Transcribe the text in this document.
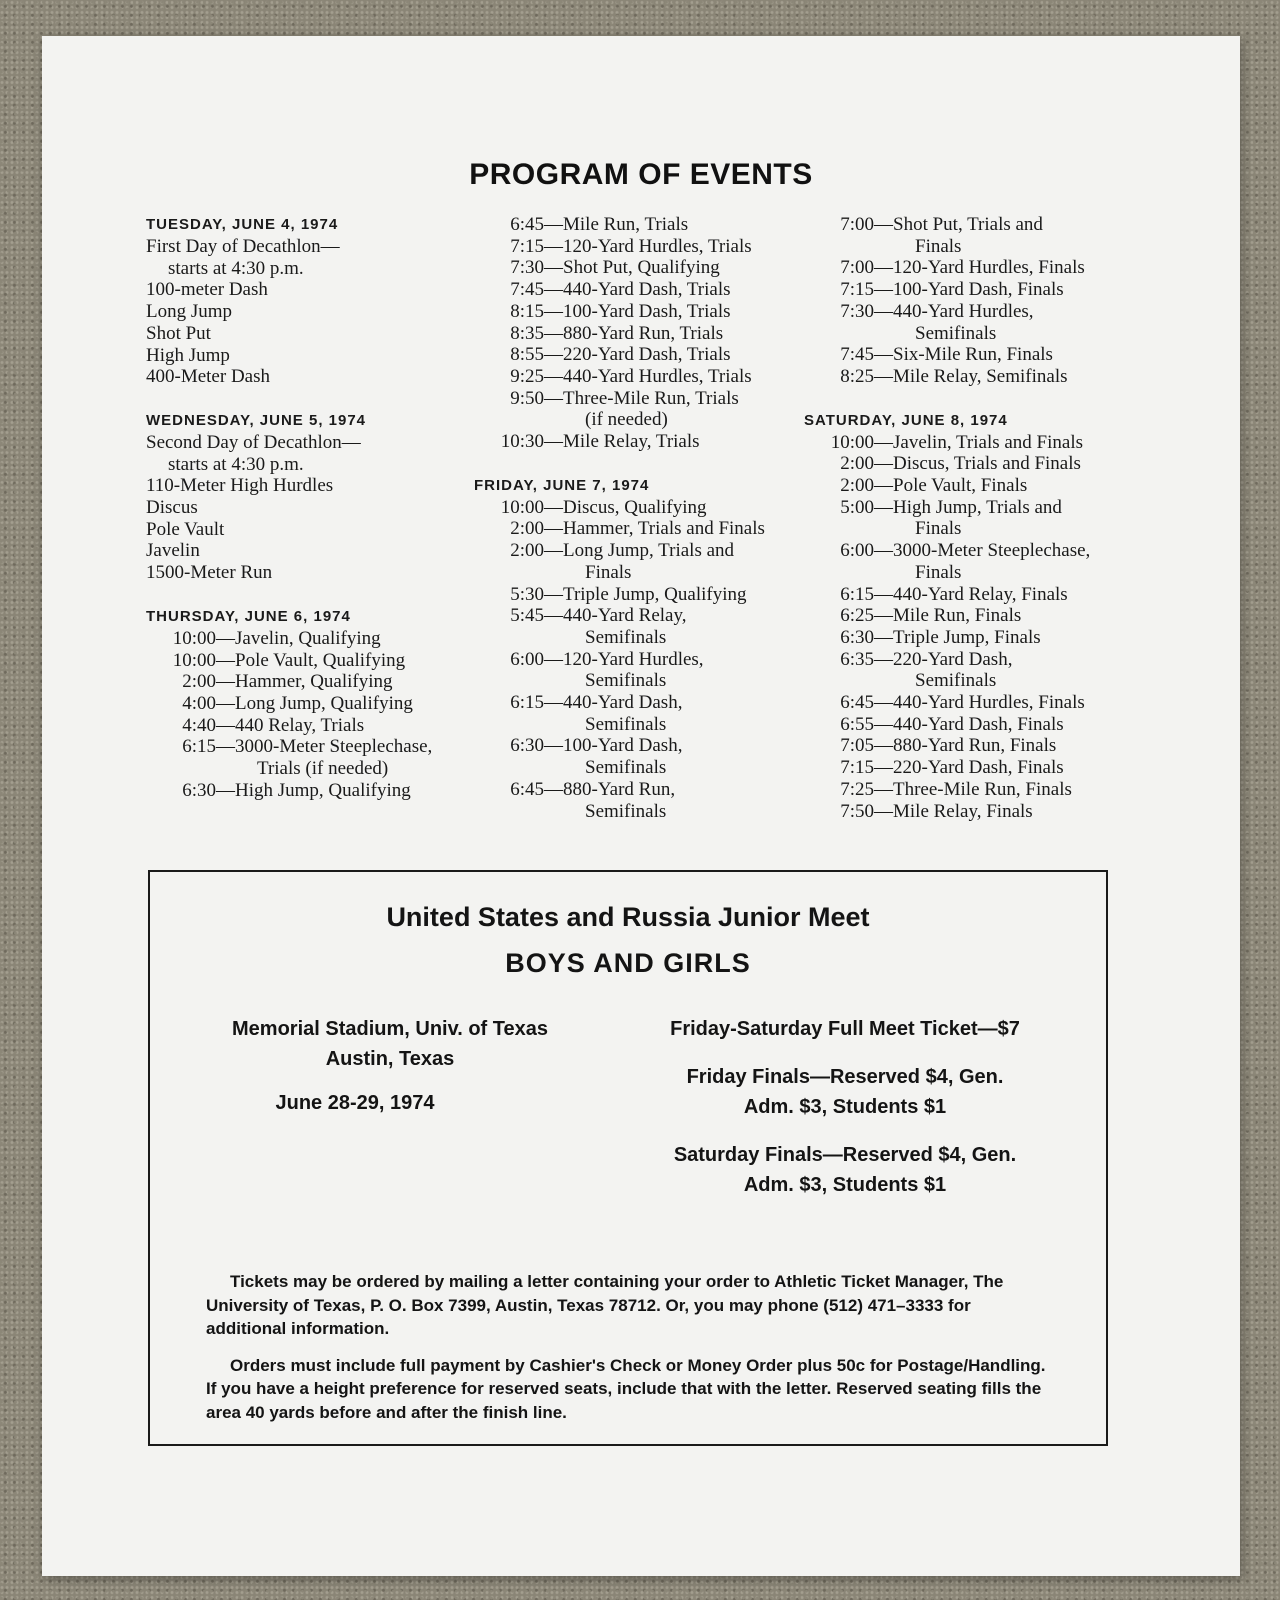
PROGRAM OF EVENTS
TUESDAY, JUNE 4, 1974
First Day of Decathlon—
starts at 4:30 p.m.
100-meter Dash
Long Jump
Shot Put
High Jump
400-Meter Dash
WEDNESDAY, JUNE 5, 1974
Second Day of Decathlon—
starts at 4:30 p.m.
110-Meter High Hurdles
Discus
Pole Vault
Javelin
1500-Meter Run
THURSDAY, JUNE 6, 1974
10:00 —Javelin, Qualifying
10:00 —Pole Vault, Qualifying
2:00 —Hammer, Qualifying
4:00 —Long Jump, Qualifying
4:40 —440 Relay, Trials
6:15 —3000-Meter Steeplechase,
Trials (if needed)
6:30 —High Jump, Qualifying
6:45 —Mile Run, Trials
7:15 —120-Yard Hurdles, Trials
7:30 —Shot Put, Qualifying
7:45 —440-Yard Dash, Trials
8:15 —100-Yard Dash, Trials
8:35 —880-Yard Run, Trials
8:55 —220-Yard Dash, Trials
9:25 —440-Yard Hurdles, Trials
9:50 —Three-Mile Run, Trials
(if needed)
10:30 —Mile Relay, Trials
FRIDAY, JUNE 7, 1974
10:00 —Discus, Qualifying
2:00 —Hammer, Trials and Finals
2:00 —Long Jump, Trials and
Finals
5:30 —Triple Jump, Qualifying
5:45 —440-Yard Relay,
Semifinals
6:00 —120-Yard Hurdles,
Semifinals
6:15 —440-Yard Dash,
Semifinals
6:30 —100-Yard Dash,
Semifinals
6:45 —880-Yard Run,
Semifinals
7:00 —Shot Put, Trials and
Finals
7:00 —120-Yard Hurdles, Finals
7:15 —100-Yard Dash, Finals
7:30 —440-Yard Hurdles,
Semifinals
7:45 —Six-Mile Run, Finals
8:25 —Mile Relay, Semifinals
SATURDAY, JUNE 8, 1974
10:00 —Javelin, Trials and Finals
2:00 —Discus, Trials and Finals
2:00 —Pole Vault, Finals
5:00 —High Jump, Trials and
Finals
6:00 —3000-Meter Steeplechase,
Finals
6:15 —440-Yard Relay, Finals
6:25 —Mile Run, Finals
6:30 —Triple Jump, Finals
6:35 —220-Yard Dash,
Semifinals
6:45 —440-Yard Hurdles, Finals
6:55 —440-Yard Dash, Finals
7:05 —880-Yard Run, Finals
7:15 —220-Yard Dash, Finals
7:25 —Three-Mile Run, Finals
7:50 —Mile Relay, Finals
United States and Russia Junior Meet
BOYS AND GIRLS
Memorial Stadium, Univ. of Texas
Austin, Texas
June 28-29, 1974
Friday-Saturday Full Meet Ticket—$7
Friday Finals—Reserved $4, Gen.
Adm. $3, Students $1
Saturday Finals—Reserved $4, Gen.
Adm. $3, Students $1

Tickets may be ordered by mailing a letter containing your order to Athletic Ticket Manager, The University of Texas, P. O. Box 7399, Austin, Texas 78712. Or, you may phone (512) 471–3333 for additional information.

Orders must include full payment by Cashier's Check or Money Order plus 50c for Postage/Handling. If you have a height preference for reserved seats, include that with the letter. Reserved seating fills the area 40 yards before and after the finish line.
